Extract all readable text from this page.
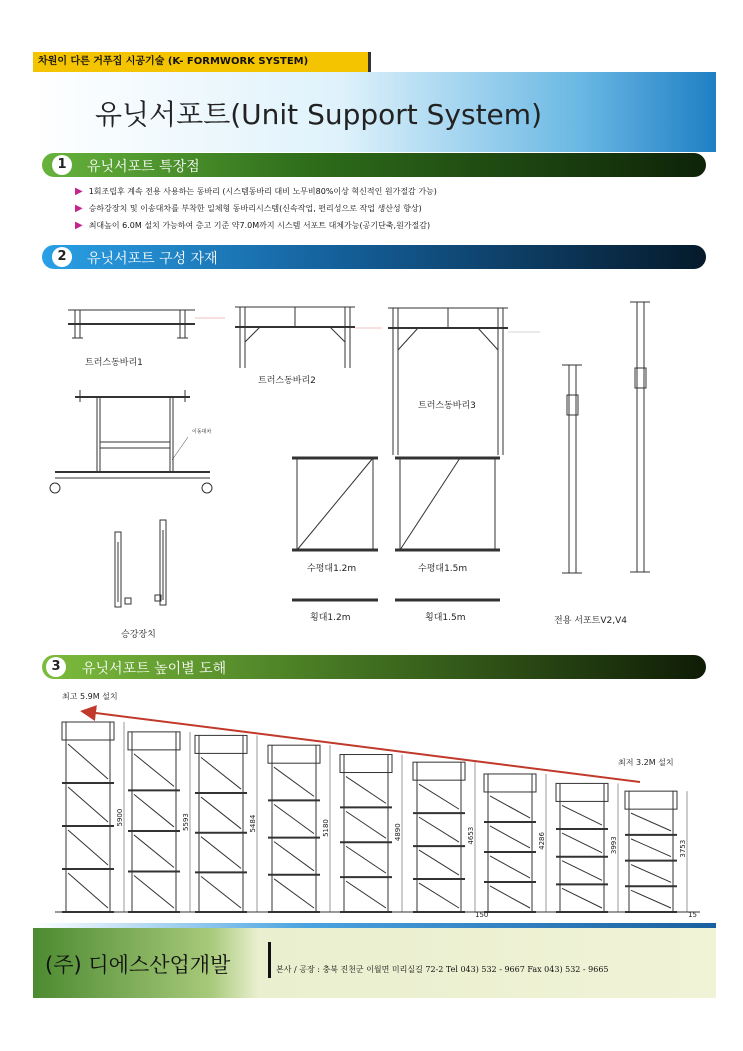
차원이 다른 거푸집 시공기술 (K- FORMWORK SYSTEM)
유닛서포트(Unit Support System)
1	유닛서포트 특장점
▶ 1회조립후 계속 전용 사용하는 동바리 (시스템동바리 대비 노무비80%이상 혁신적인 원가절감 가능)
▶ 승하강장치 및 이송대차를 부착한 일체형 동바리시스템(신속작업, 편리성으로 작업 생산성 향상)
▶ 최대높이 6.0M 설치 가능하여 층고 기준 약7.0M까지 시스템 서포트 대체가능(공기단축,원가절감)
2	유닛서포트 구성 자재
트러스동바리1
트러스동바리2
트러스동바리3
이동대차
승강장치
수평대1.2m	수평대1.5m
횡대1.2m	횡대1.5m	전용 서포트V2,V4
3	유닛서포트 높이별 도해
최고 5.9M 설치
최저 3.2M 설치
5900	5593	5484	5180	4890	4653	4286	3993	3753
150	15
(주) 디에스산업개발	본사 / 공장 : 충북 진천군 이월면 미리실길 72-2 Tel 043) 532 - 9667 Fax 043) 532 - 9665
